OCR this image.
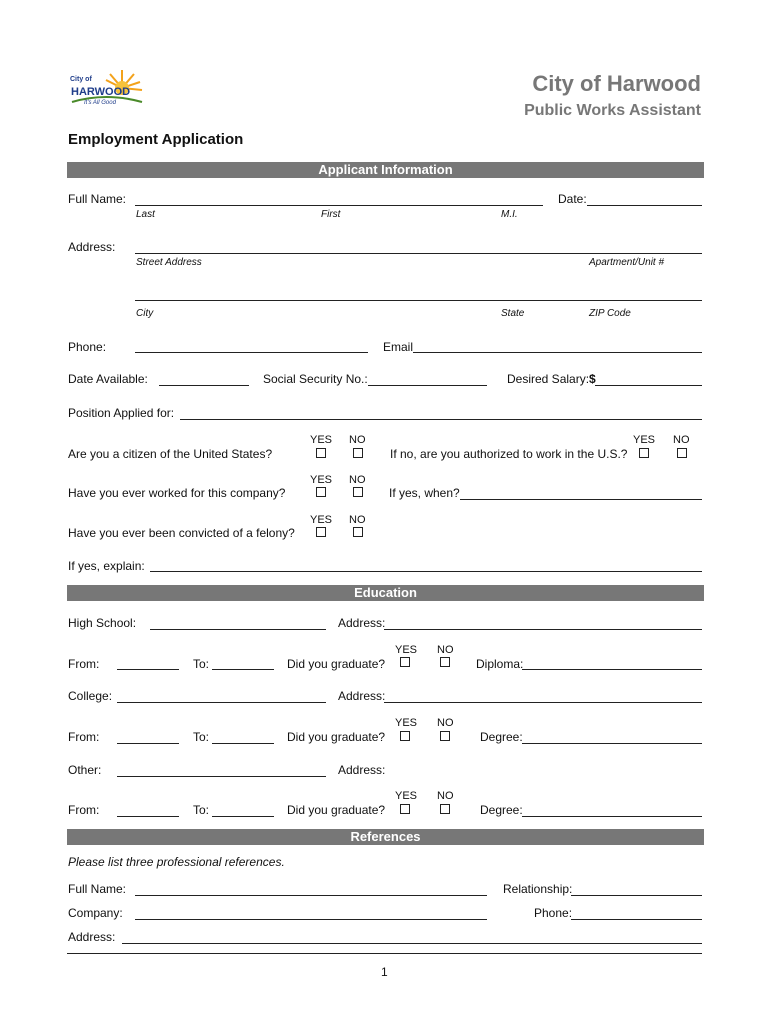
City of
HARWOOD
It's All Good
City of Harwood
Public Works Assistant
Employment Application
Applicant Information
Full Name:	Date:
Last	First	M.I.
Address:
Street Address	Apartment/Unit #
City	State	ZIP Code
Phone:	Email
Date Available:	Social Security No.:	Desired Salary:$
Position Applied for:
YES NO
Are you a citizen of the United States?
YES NO
If no, are you authorized to work in the U.S.?
YES NO
Have you ever worked for this company?	If yes, when?
YES NO
Have you ever been convicted of a felony?
If yes, explain:
Education
High School:	Address:
YES NO
From:	To:	Did you graduate?	Diploma:
College:	Address:
YES NO
From:	To:	Did you graduate?	Degree:
Other:	Address:
YES NO
From:	To:	Did you graduate?	Degree:
References
Please list three professional references.
Full Name:	Relationship:
Company:	Phone:
Address:
1
